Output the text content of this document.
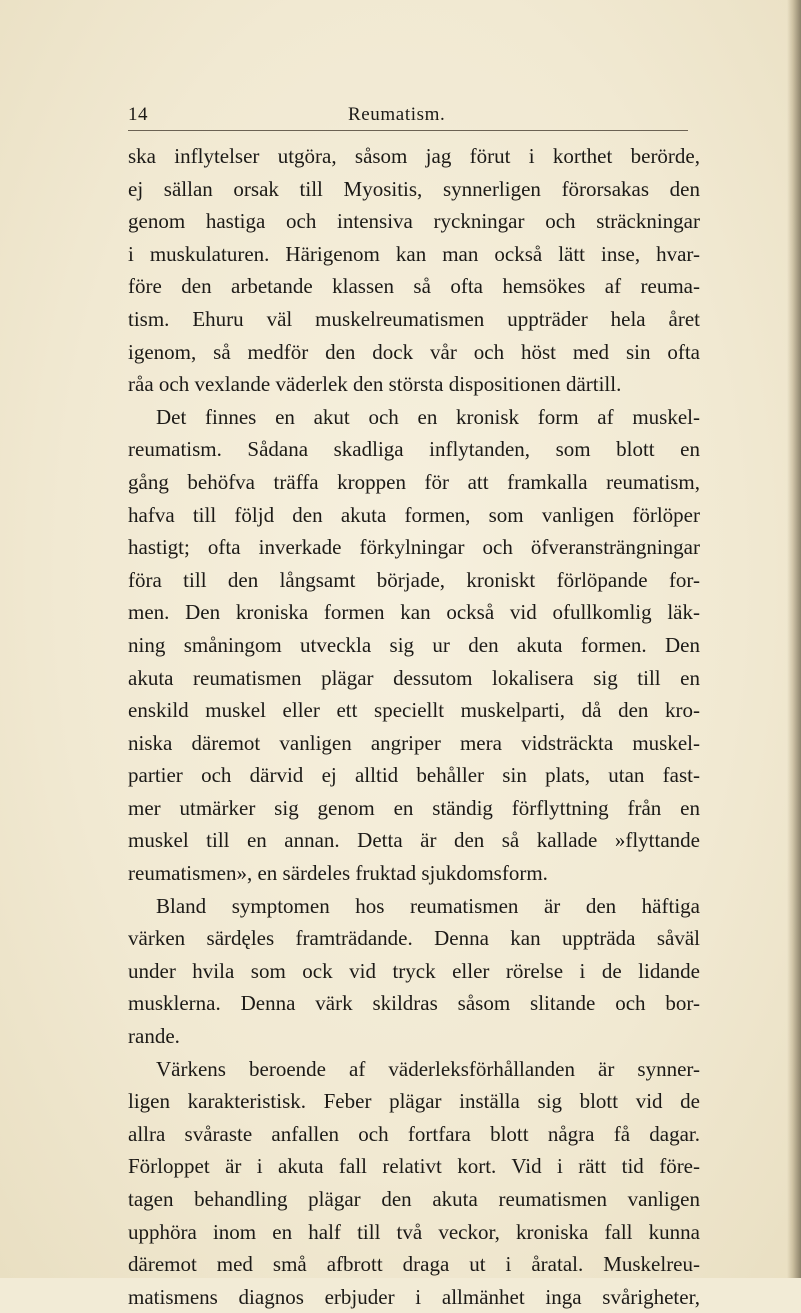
14	Reumatism.
ska inflytelser utgöra, såsom jag förut i korthet berörde,
ej sällan orsak till Myositis, synnerligen förorsakas den
genom hastiga och intensiva ryckningar och sträckningar
i muskulaturen. Härigenom kan man också lätt inse, hvar-
före den arbetande klassen så ofta hemsökes af reuma-
tism. Ehuru väl muskelreumatismen uppträder hela året
igenom, så medför den dock vår och höst med sin ofta
råa och vexlande väderlek den största dispositionen därtill.
Det finnes en akut och en kronisk form af muskel-
reumatism. Sådana skadliga inflytanden, som blott en
gång behöfva träffa kroppen för att framkalla reumatism,
hafva till följd den akuta formen, som vanligen förlöper
hastigt; ofta inverkade förkylningar och öfveransträngningar
föra till den långsamt började, kroniskt förlöpande for-
men. Den kroniska formen kan också vid ofullkomlig läk-
ning småningom utveckla sig ur den akuta formen. Den
akuta reumatismen plägar dessutom lokalisera sig till en
enskild muskel eller ett speciellt muskelparti, då den kro-
niska däremot vanligen angriper mera vidsträckta muskel-
partier och därvid ej alltid behåller sin plats, utan fast-
mer utmärker sig genom en ständig förflyttning från en
muskel till en annan. Detta är den så kallade »flyttande
reumatismen», en särdeles fruktad sjukdomsform.
Bland symptomen hos reumatismen är den häftiga
värken särdęles framträdande. Denna kan uppträda såväl
under hvila som ock vid tryck eller rörelse i de lidande
musklerna. Denna värk skildras såsom slitande och bor-
rande.
Värkens beroende af väderleksförhållanden är synner-
ligen karakteristisk. Feber plägar inställa sig blott vid de
allra svåraste anfallen och fortfara blott några få dagar.
Förloppet är i akuta fall relativt kort. Vid i rätt tid före-
tagen behandling plägar den akuta reumatismen vanligen
upphöra inom en half till två veckor, kroniska fall kunna
däremot med små afbrott draga ut i åratal. Muskelreu-
matismens diagnos erbjuder i allmänhet inga svårigheter,
